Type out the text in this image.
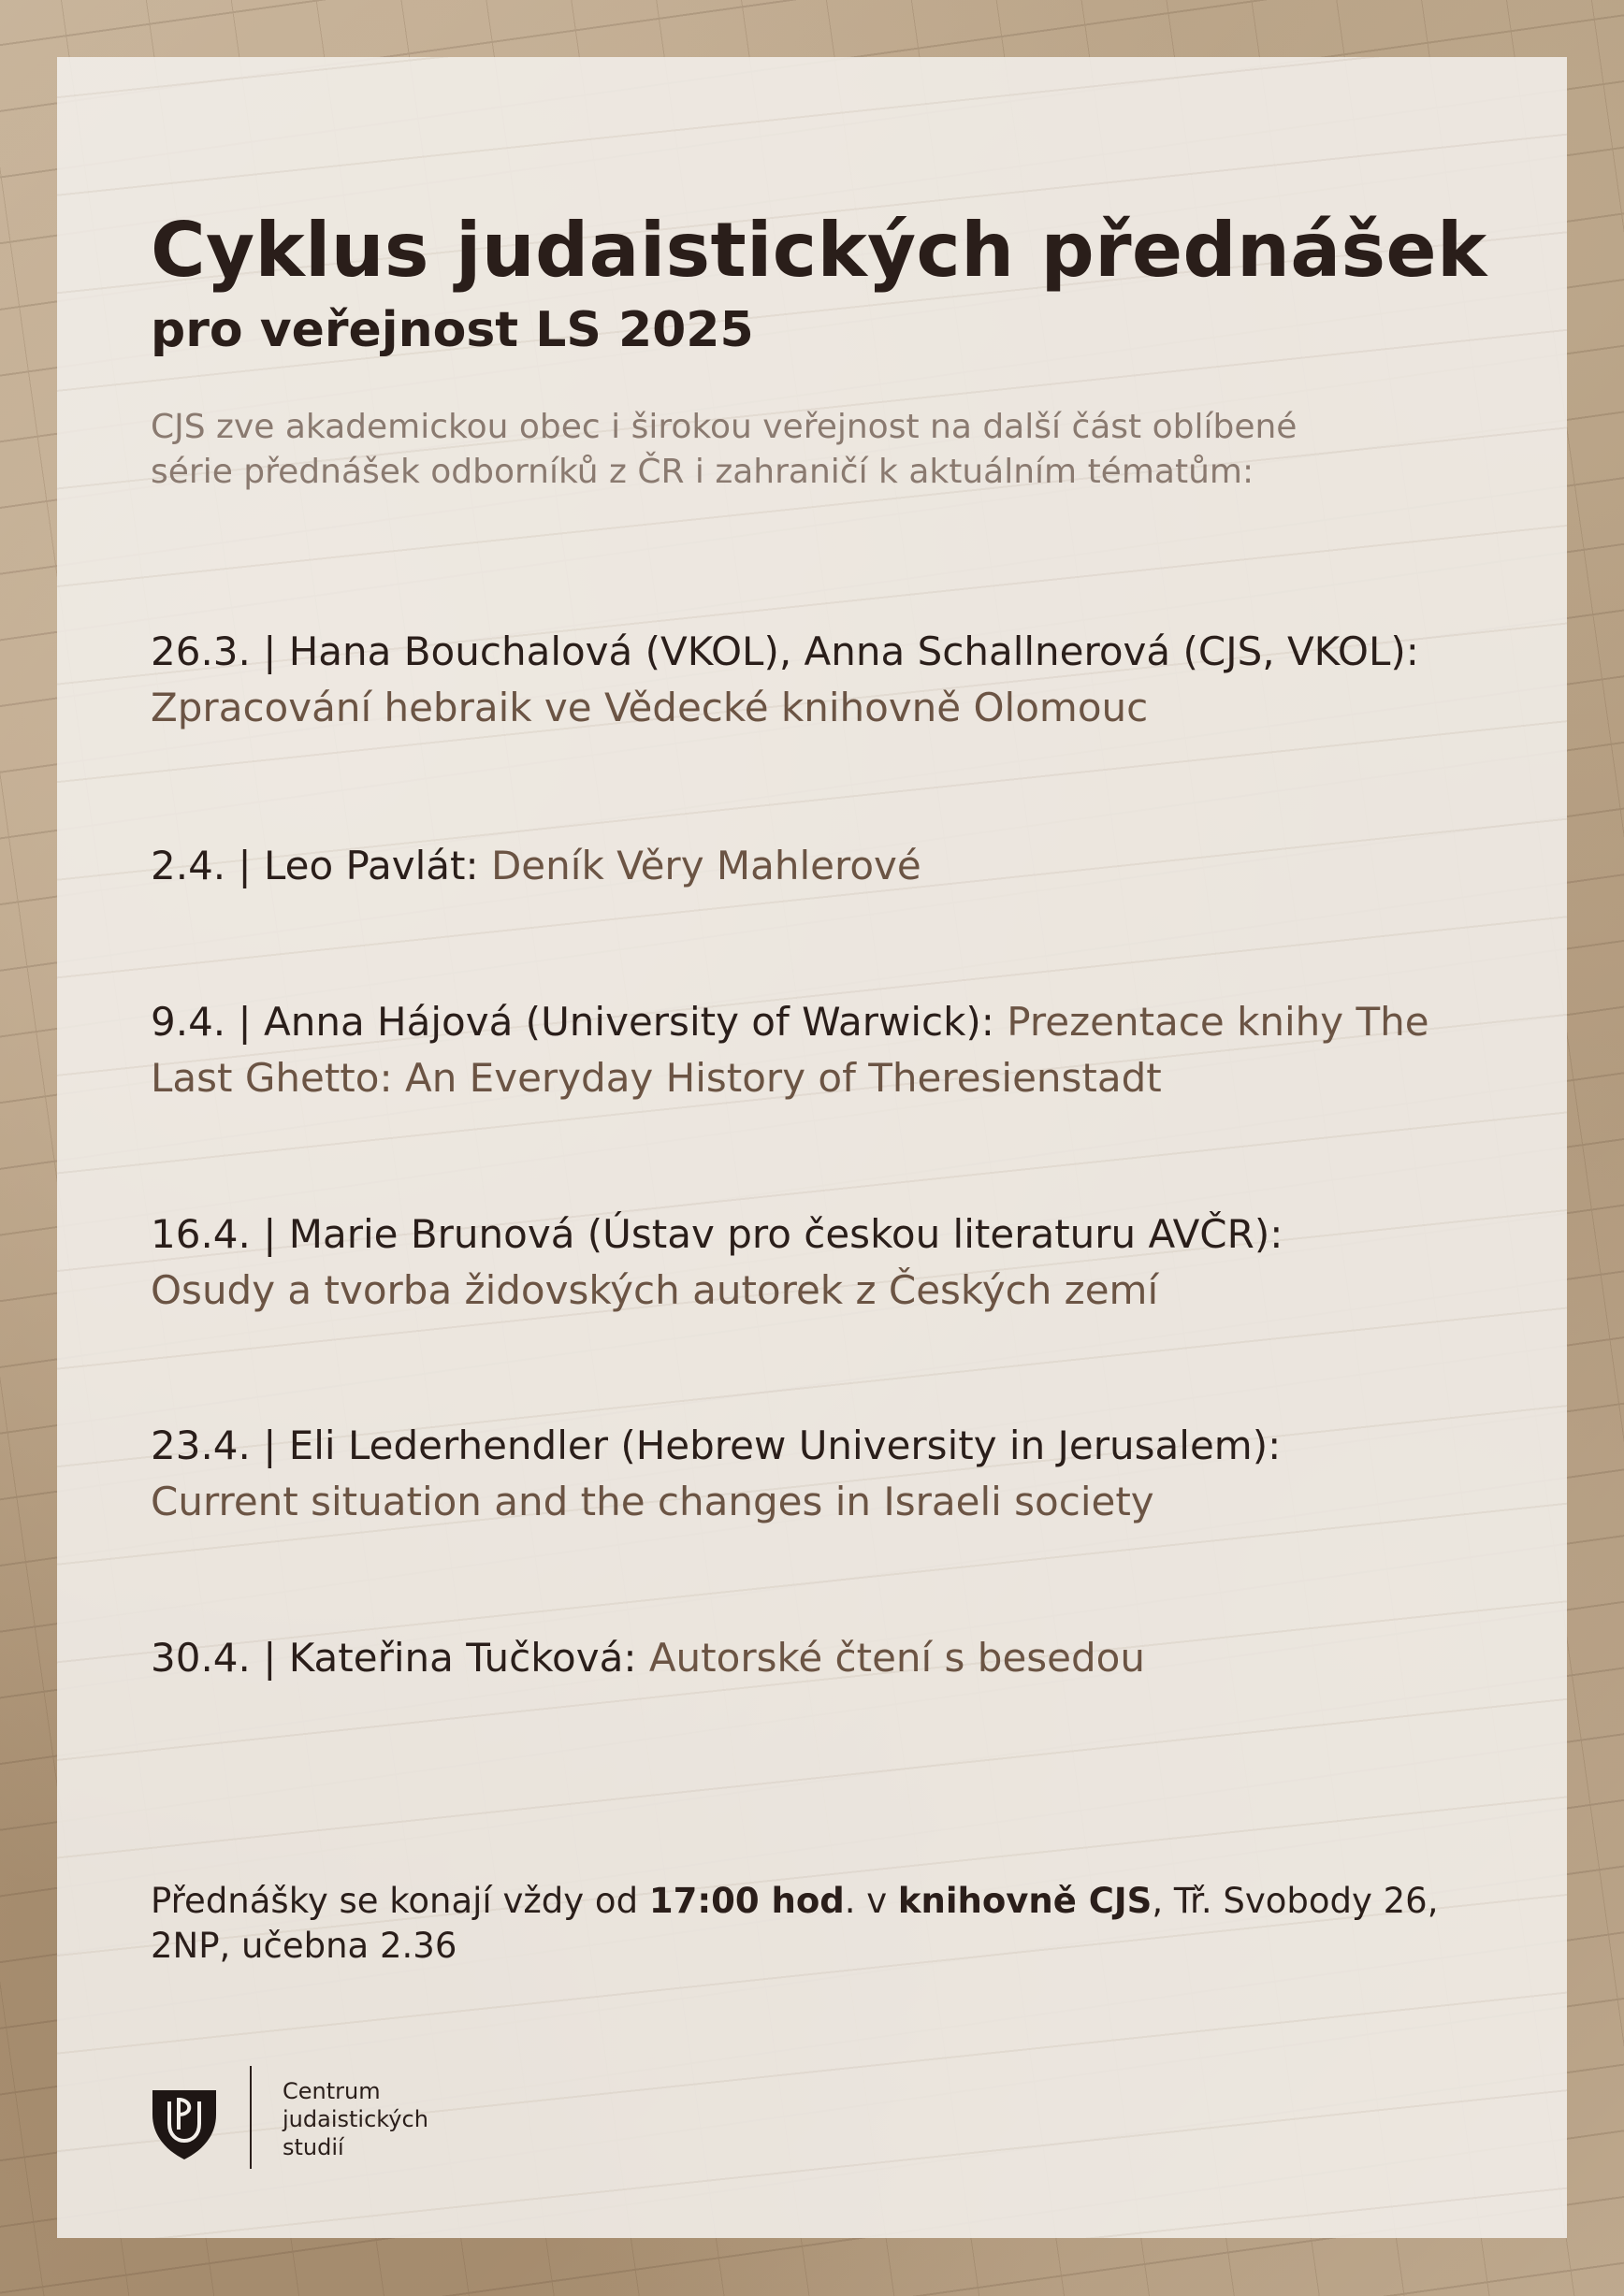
Cyklus judaistických přednášek
pro veřejnost LS 2025

CJS zve akademickou obec i širokou veřejnost na další část oblíbené
série přednášek odborníků z ČR i zahraničí k aktuálním tématům:

26.3. | Hana Bouchalová (VKOL), Anna Schallnerová (CJS, VKOL):
Zpracování hebraik ve Vědecké knihovně Olomouc

2.4. | Leo Pavlát: Deník Věry Mahlerové

9.4. | Anna Hájová (University of Warwick): Prezentace knihy The Last Ghetto: An Everyday History of Theresienstadt

16.4. | Marie Brunová (Ústav pro českou literaturu AVČR):
Osudy a tvorba židovských autorek z Českých zemí

23.4. | Eli Lederhendler (Hebrew University in Jerusalem):
Current situation and the changes in Israeli society

30.4. | Kateřina Tučková: Autorské čtení s besedou

Přednášky se konají vždy od 17:00 hod. v knihovně CJS, Tř. Svobody 26, 2NP, učebna 2.36

Centrum
judaistických
studií
